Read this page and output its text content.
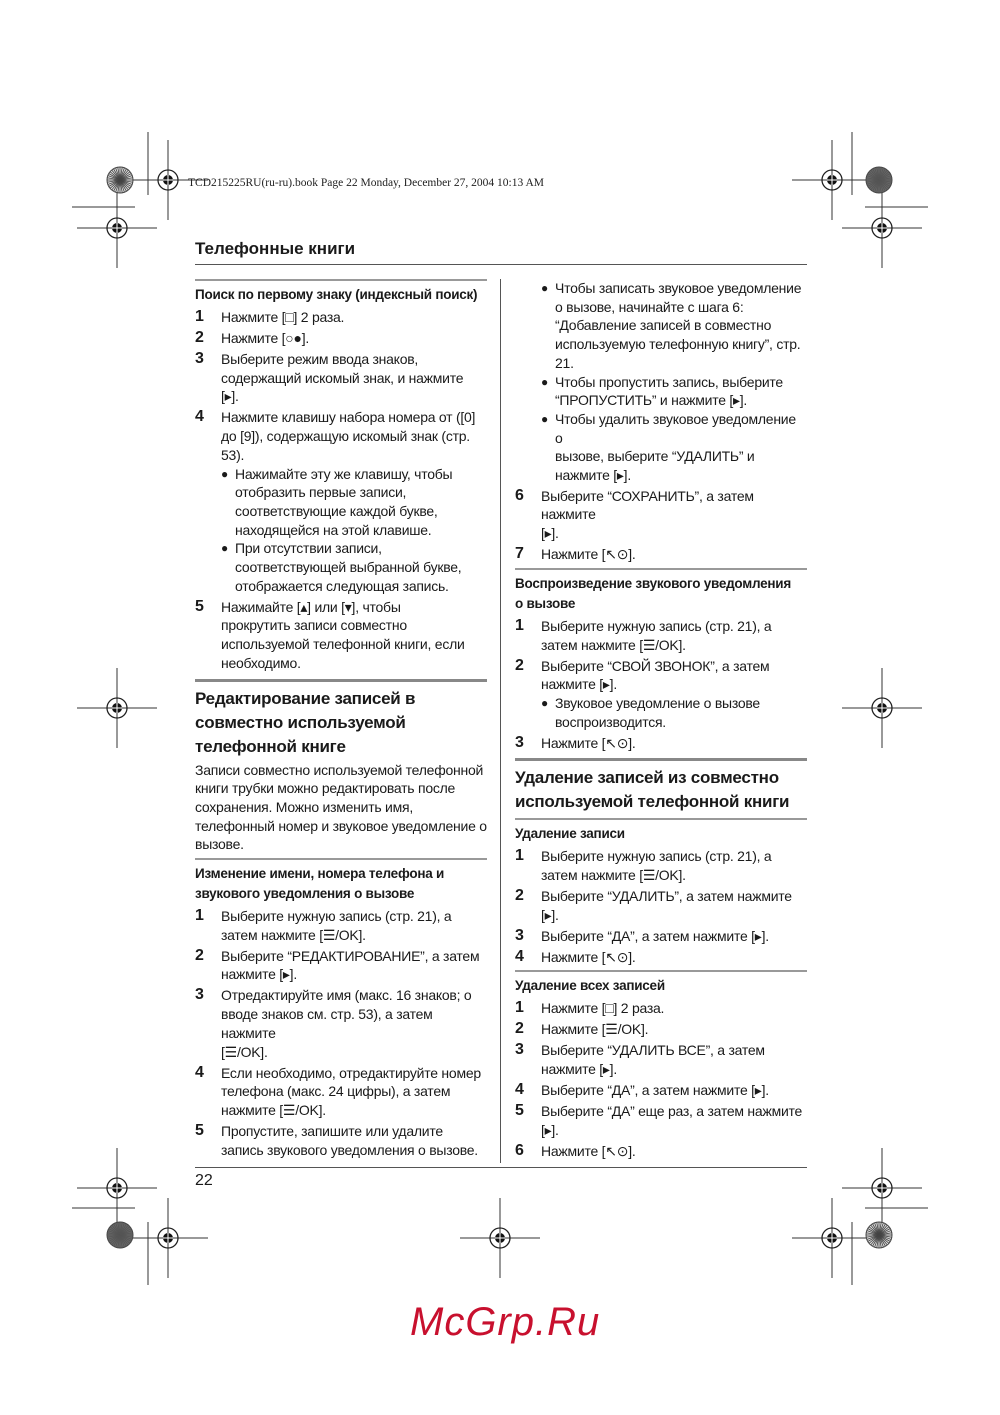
TCD215225RU(ru-ru).book Page 22 Monday, December 27, 2004 10:13 AM
Телефонные книги
Поиск по первому знаку (индексный поиск)
1	Нажмите [□] 2 раза.
2	Нажмите [○●].
3	Выберите режим ввода знаков,
содержащий искомый знак, и нажмите
[▸].
4	Нажмите клавишу набора номера от ([0]
до [9]), содержащую искомый знак (стр.
53).
● Нажимайте эту же клавишу, чтобы
отобразить первые записи,
соответствующие каждой букве,
находящейся на этой клавише.
● При отсутствии записи,
соответствующей выбранной букве,
отображается следующая запись.
5	Нажимайте [▴] или [▾], чтобы
прокрутить записи совместно
используемой телефонной книги, если
необходимо.
Редактирование записей в
совместно используемой
телефонной книге
Записи совместно используемой телефонной
книги трубки можно редактировать после
сохранения. Можно изменить имя,
телефонный номер и звуковое уведомление о
вызове.
Изменение имени, номера телефона и
звукового уведомления о вызове
1	Выберите нужную запись (стр. 21), а
затем нажмите [☰/OK].
2	Выберите “РЕДАКТИРОВАНИЕ”, а затем
нажмите [▸].
3	Отредактируйте имя (макс. 16 знаков; о
вводе знаков см. стр. 53), а затем нажмите
[☰/OK].
4	Если необходимо, отредактируйте номер
телефона (макс. 24 цифры), а затем
нажмите [☰/OK].
5	Пропустите, запишите или удалите
запись звукового уведомления о вызове.
● Чтобы записать звуковое уведомление
о вызове, начинайте с шага 6:
“Добавление записей в совместно
используемую телефонную книгу”, стр.
21.
● Чтобы пропустить запись, выберите
“ПРОПУСТИТЬ” и нажмите [▸].
● Чтобы удалить звуковое уведомление о
вызове, выберите “УДАЛИТЬ” и
нажмите [▸].
6	Выберите “СОХРАНИТЬ”, а затем нажмите
[▸].
7	Нажмите [↖⊙].
Воспроизведение звукового уведомления
о вызове
1	Выберите нужную запись (стр. 21), а
затем нажмите [☰/OK].
2	Выберите “СВОЙ ЗВОНОК”, а затем
нажмите [▸].
● Звуковое уведомление о вызове
воспроизводится.
3	Нажмите [↖⊙].
Удаление записей из совместно
используемой телефонной книги
Удаление записи
1	Выберите нужную запись (стр. 21), а
затем нажмите [☰/OK].
2	Выберите “УДАЛИТЬ”, а затем нажмите
[▸].
3	Выберите “ДА”, а затем нажмите [▸].
4	Нажмите [↖⊙].
Удаление всех записей
1	Нажмите [□] 2 раза.
2	Нажмите [☰/OK].
3	Выберите “УДАЛИТЬ ВСЕ”, а затем
нажмите [▸].
4	Выберите “ДА”, а затем нажмите [▸].
5	Выберите “ДА” еще раз, а затем нажмите
[▸].
6	Нажмите [↖⊙].
22
McGrp.Ru
